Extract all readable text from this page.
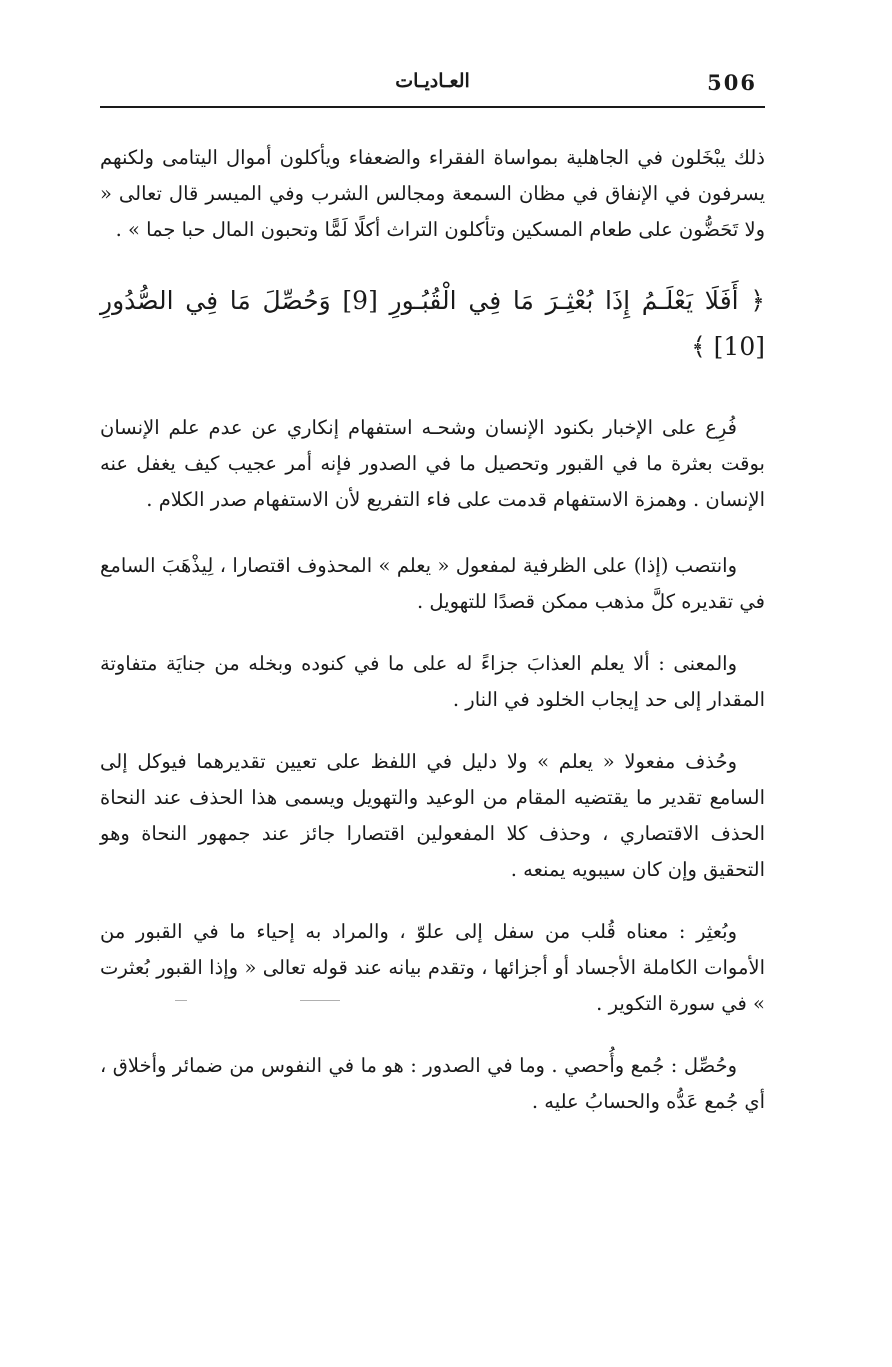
506
العـاديـات

ذلك يبْخَلون في الجاهلية بمواساة الفقراء والضعفاء ويأكلون أموال اليتامى ولكنهم يسرفون في الإنفاق في مظان السمعة ومجالس الشرب وفي الميسر قال تعالى « ولا تَحَضُّون على طعام المسكين وتأكلون التراث أكلًا لَمًّا وتحبون المال حبا جما » .

﴿ أَفَلَا يَعْلَـمُ إِذَا بُعْثِـرَ مَا فِي الْقُبُـورِ [9] وَحُصِّلَ مَا فِي الصُّدُورِ [10] ﴾

فُرِع على الإخبار بكنود الإنسان وشحـه استفهام إنكاري عن عدم علم الإنسان بوقت بعثرة ما في القبور وتحصيل ما في الصدور فإنه أمر عجيب كيف يغفل عنه الإنسان . وهمزة الاستفهام قدمت على فاء التفريع لأن الاستفهام صدر الكلام .

وانتصب (إذا) على الظرفية لمفعول « يعلم » المحذوف اقتصارا ، لِيذْهَبَ السامع في تقديره كلَّ مذهب ممكن قصدًا للتهويل .

والمعنى : ألا يعلم العذابَ جزاءً له على ما في كنوده وبخله من جنايَة متفاوتة المقدار إلى حد إيجاب الخلود في النار .

وحُذف مفعولا « يعلم » ولا دليل في اللفظ على تعيين تقديرهما فيوكل إلى السامع تقدير ما يقتضيه المقام من الوعيد والتهويل ويسمى هذا الحذف عند النحاة الحذف الاقتصاري ، وحذف كلا المفعولين اقتصارا جائز عند جمهور النحاة وهو التحقيق وإن كان سيبويه يمنعه .

وبُعثِر : معناه قُلب من سفل إلى علوّ ، والمراد به إحياء ما في القبور من الأموات الكاملة الأجساد أو أجزائها ، وتقدم بيانه عند قوله تعالى « وإذا القبور بُعثرت » في سورة التكوير .

وحُصِّل : جُمع وأُحصي . وما في الصدور : هو ما في النفوس من ضمائر وأخلاق ، أي جُمع عَدُّه والحسابُ عليه .
